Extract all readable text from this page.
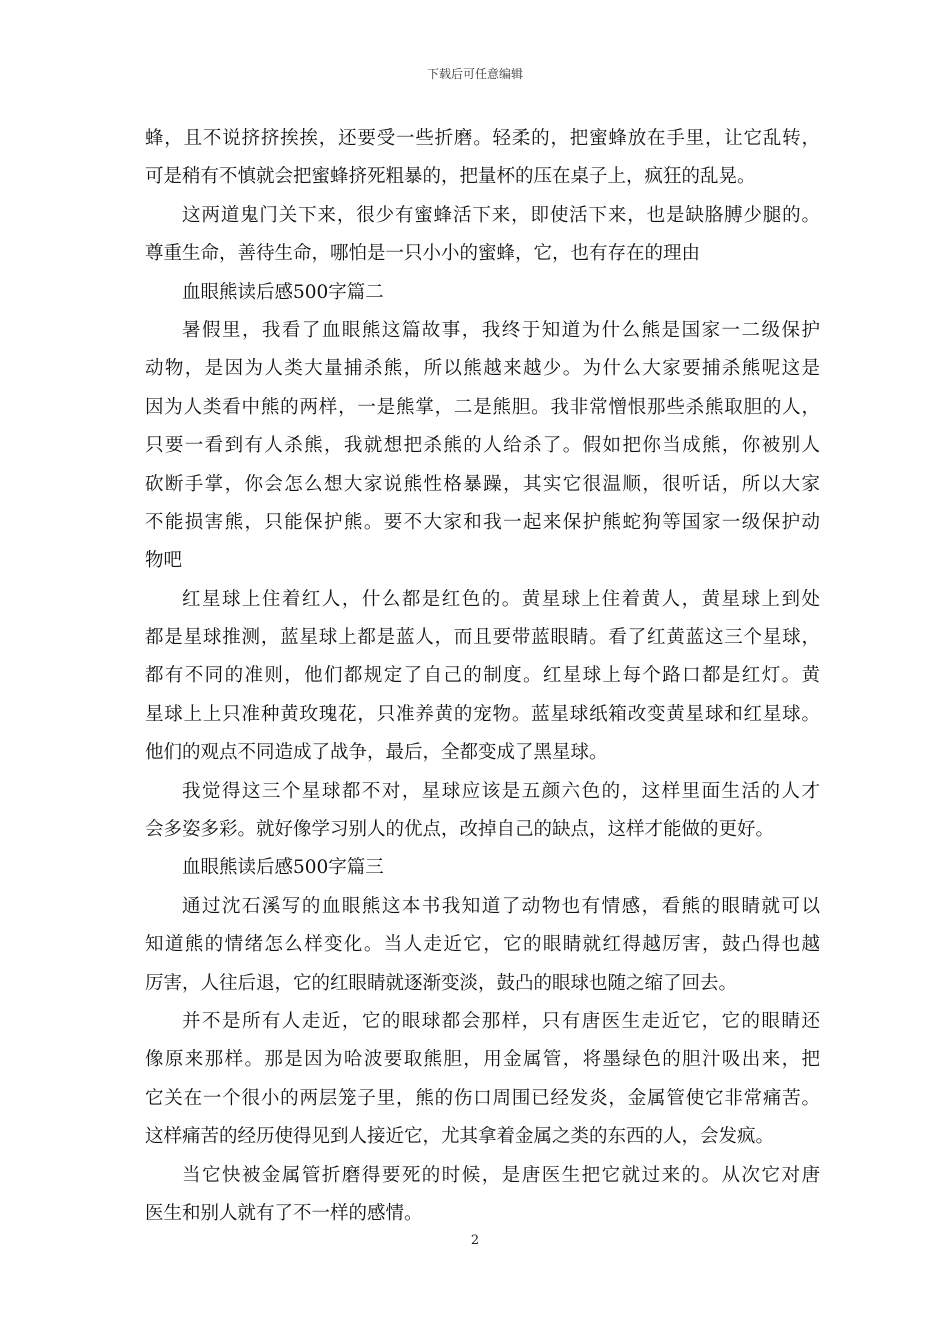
下载后可任意编辑
蜂，且不说挤挤挨挨，还要受一些折磨。轻柔的，把蜜蜂放在手里，让它乱转，
可是稍有不慎就会把蜜蜂挤死粗暴的，把量杯的压在桌子上，疯狂的乱晃。
这两道鬼门关下来，很少有蜜蜂活下来，即使活下来，也是缺胳膊少腿的。
尊重生命，善待生命，哪怕是一只小小的蜜蜂，它，也有存在的理由
血眼熊读后感500字篇二
暑假里，我看了血眼熊这篇故事，我终于知道为什么熊是国家一二级保护
动物，是因为人类大量捕杀熊，所以熊越来越少。为什么大家要捕杀熊呢这是
因为人类看中熊的两样，一是熊掌，二是熊胆。我非常憎恨那些杀熊取胆的人，
只要一看到有人杀熊，我就想把杀熊的人给杀了。假如把你当成熊，你被别人
砍断手掌，你会怎么想大家说熊性格暴躁，其实它很温顺，很听话，所以大家
不能损害熊，只能保护熊。要不大家和我一起来保护熊蛇狗等国家一级保护动
物吧
红星球上住着红人，什么都是红色的。黄星球上住着黄人，黄星球上到处
都是星球推测，蓝星球上都是蓝人，而且要带蓝眼睛。看了红黄蓝这三个星球，
都有不同的准则，他们都规定了自己的制度。红星球上每个路口都是红灯。黄
星球上上只准种黄玫瑰花，只准养黄的宠物。蓝星球纸箱改变黄星球和红星球。
他们的观点不同造成了战争，最后，全都变成了黑星球。
我觉得这三个星球都不对，星球应该是五颜六色的，这样里面生活的人才
会多姿多彩。就好像学习别人的优点，改掉自己的缺点，这样才能做的更好。
血眼熊读后感500字篇三
通过沈石溪写的血眼熊这本书我知道了动物也有情感，看熊的眼睛就可以
知道熊的情绪怎么样变化。当人走近它，它的眼睛就红得越厉害，鼓凸得也越
厉害，人往后退，它的红眼睛就逐渐变淡，鼓凸的眼球也随之缩了回去。
并不是所有人走近，它的眼球都会那样，只有唐医生走近它，它的眼睛还
像原来那样。那是因为哈波要取熊胆，用金属管，将墨绿色的胆汁吸出来，把
它关在一个很小的两层笼子里，熊的伤口周围已经发炎，金属管使它非常痛苦。
这样痛苦的经历使得见到人接近它，尤其拿着金属之类的东西的人，会发疯。
当它快被金属管折磨得要死的时候，是唐医生把它就过来的。从次它对唐
医生和别人就有了不一样的感情。
2
